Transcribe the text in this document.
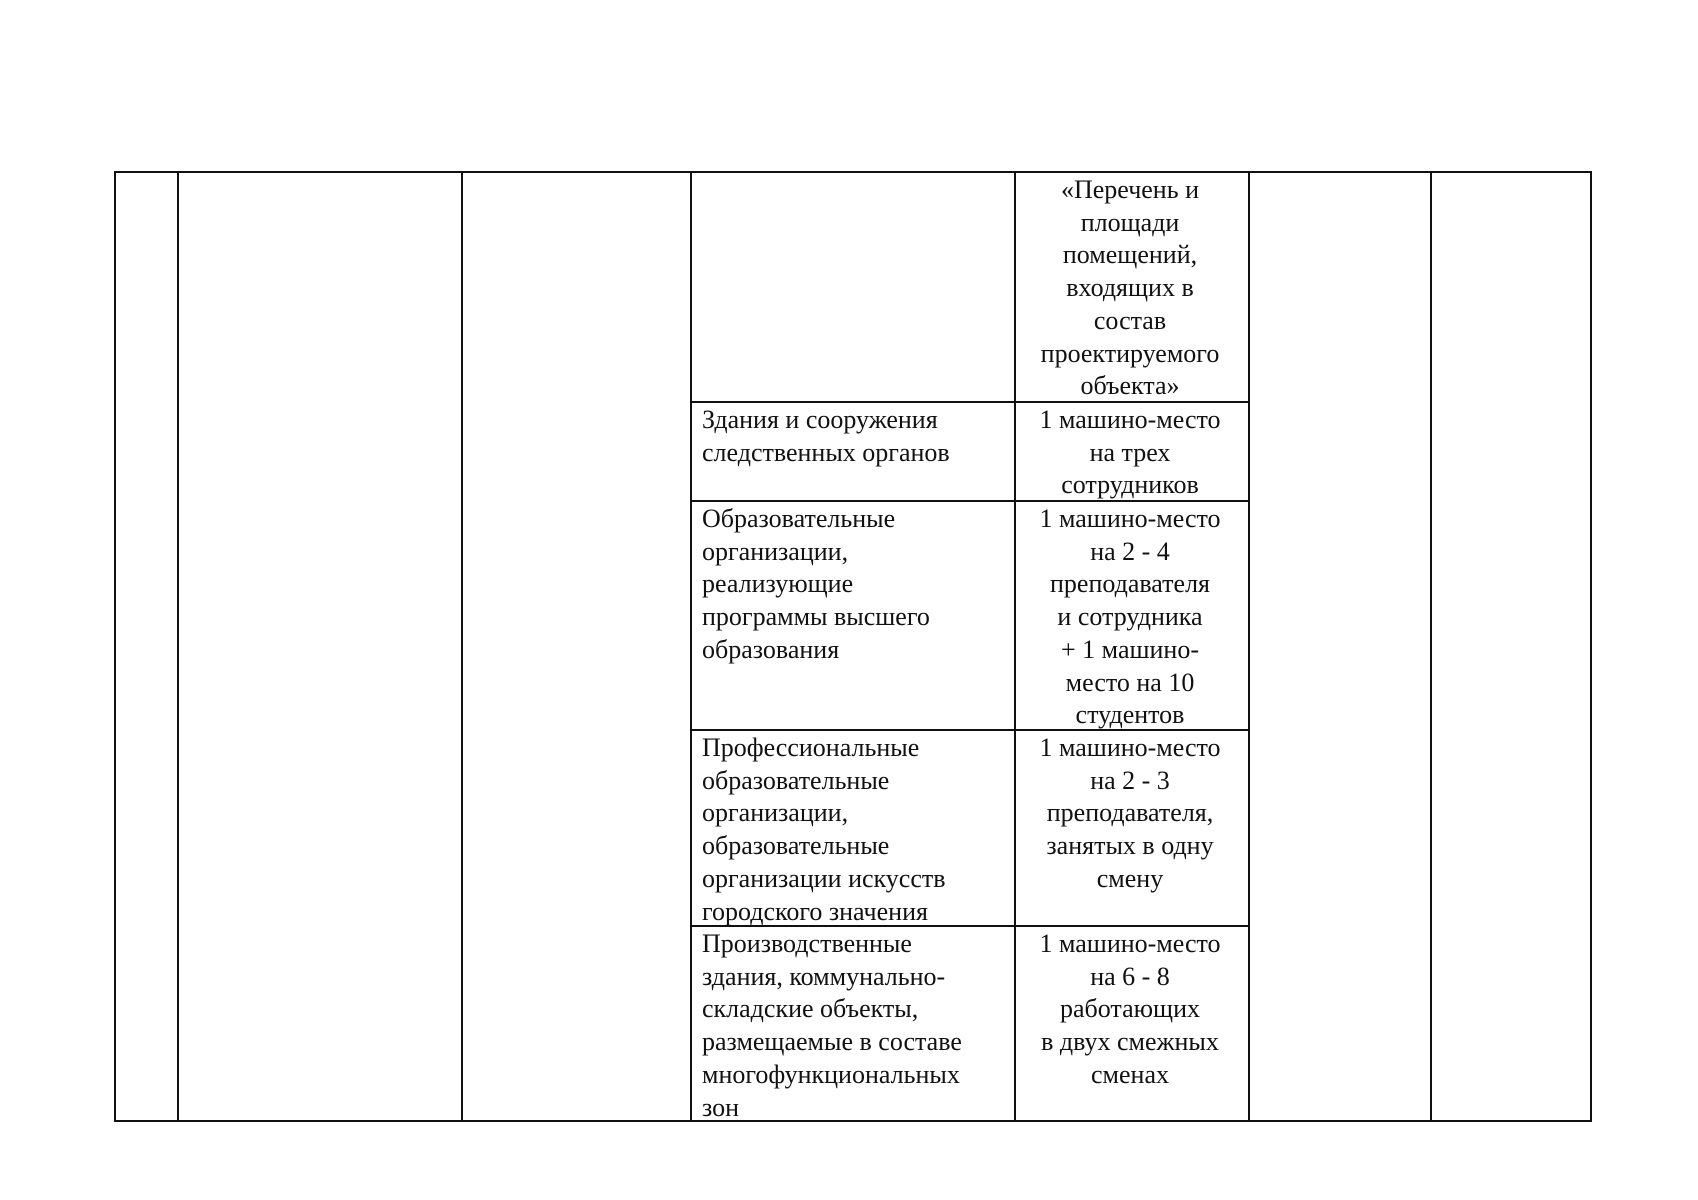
«Перечень и
площади
помещений,
входящих в
состав
проектируемого
объекта»

Здания и сооружения
следственных органов

1 машино-место
на трех
сотрудников

Образовательные
организации,
реализующие
программы высшего
образования

1 машино-место
на 2 - 4
преподавателя
и сотрудника
+ 1 машино-
место на 10
студентов

Профессиональные
образовательные
организации,
образовательные
организации искусств
городского значения

1 машино-место
на 2 - 3
преподавателя,
занятых в одну
смену

Производственные
здания, коммунально-
складские объекты,
размещаемые в составе
многофункциональных
зон

1 машино-место
на 6 - 8
работающих
в двух смежных
сменах
